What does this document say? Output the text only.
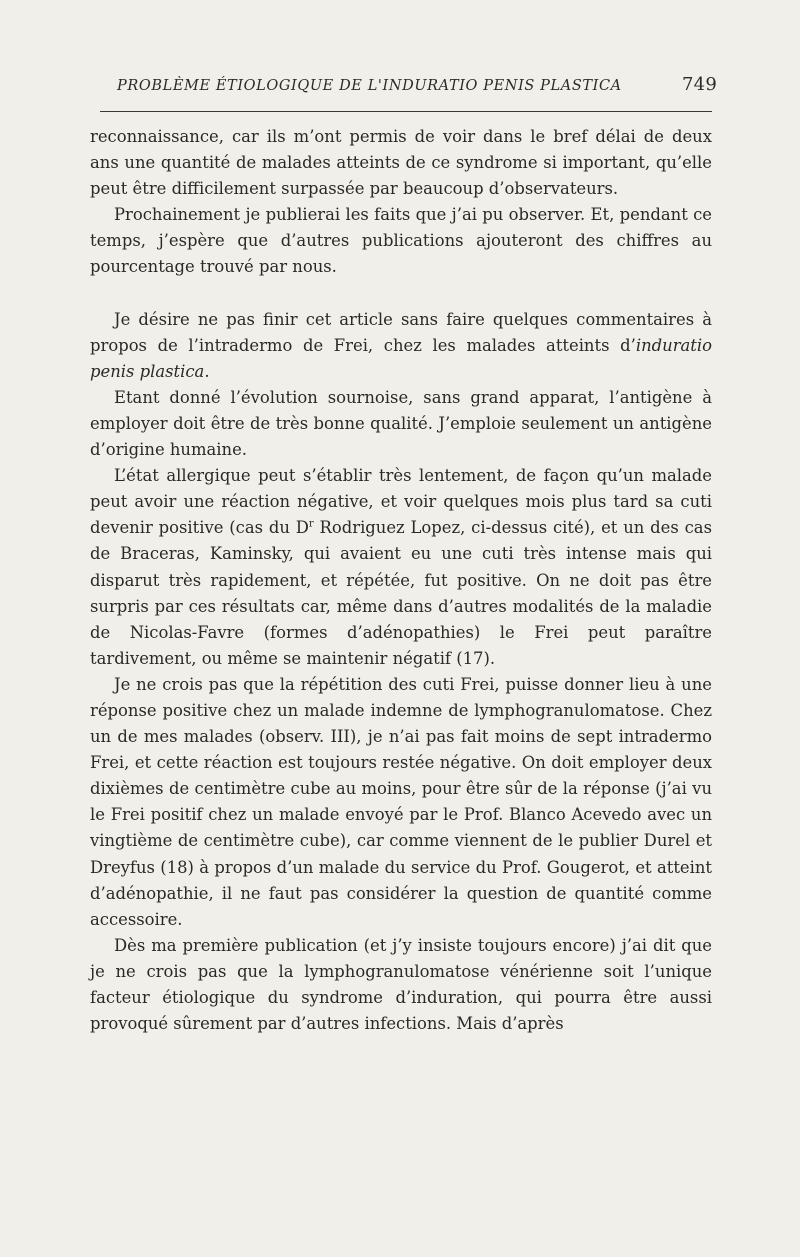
PROBLÈME ÉTIOLOGIQUE DE L'INDURATIO PENIS PLASTICA	749

reconnaissance, car ils m’ont permis de voir dans le bref délai de deux ans une quantité de malades atteints de ce syndrome si important, qu’elle peut être difficilement surpassée par beaucoup d’observateurs.

Prochainement je publierai les faits que j’ai pu observer. Et, pendant ce temps, j’espère que d’autres publications ajouteront des chiffres au pourcentage trouvé par nous.

Je désire ne pas finir cet article sans faire quelques commentaires à propos de l’intradermo de Frei, chez les malades atteints d’induratio penis plastica.

Etant donné l’évolution sournoise, sans grand apparat, l’antigène à employer doit être de très bonne qualité. J’emploie seulement un antigène d’origine humaine.

L’état allergique peut s’établir très lentement, de façon qu’un malade peut avoir une réaction négative, et voir quelques mois plus tard sa cuti devenir positive (cas du $D^r$ Rodriguez Lopez, ci-dessus cité), et un des cas de Braceras, Kaminsky, qui avaient eu une cuti très intense mais qui disparut très rapidement, et répétée, fut positive. On ne doit pas être surpris par ces résultats car, même dans d’autres modalités de la maladie de Nicolas-Favre (formes d’adénopathies) le Frei peut paraître tardivement, ou même se maintenir négatif (17).

Je ne crois pas que la répétition des cuti Frei, puisse donner lieu à une réponse positive chez un malade indemne de lymphogranulomatose. Chez un de mes malades (observ. III), je n’ai pas fait moins de sept intradermo Frei, et cette réaction est toujours restée négative. On doit employer deux dixièmes de centimètre cube au moins, pour être sûr de la réponse (j’ai vu le Frei positif chez un malade envoyé par le Prof. Blanco Acevedo avec un vingtième de centimètre cube), car comme viennent de le publier Durel et Dreyfus (18) à propos d’un malade du service du Prof. Gougerot, et atteint d’adénopathie, il ne faut pas considérer la question de quantité comme accessoire.

Dès ma première publication (et j’y insiste toujours encore) j’ai dit que je ne crois pas que la lymphogranulomatose vénérienne soit l’unique facteur étiologique du syndrome d’induration, qui pourra être aussi provoqué sûrement par d’autres infections. Mais d’après
